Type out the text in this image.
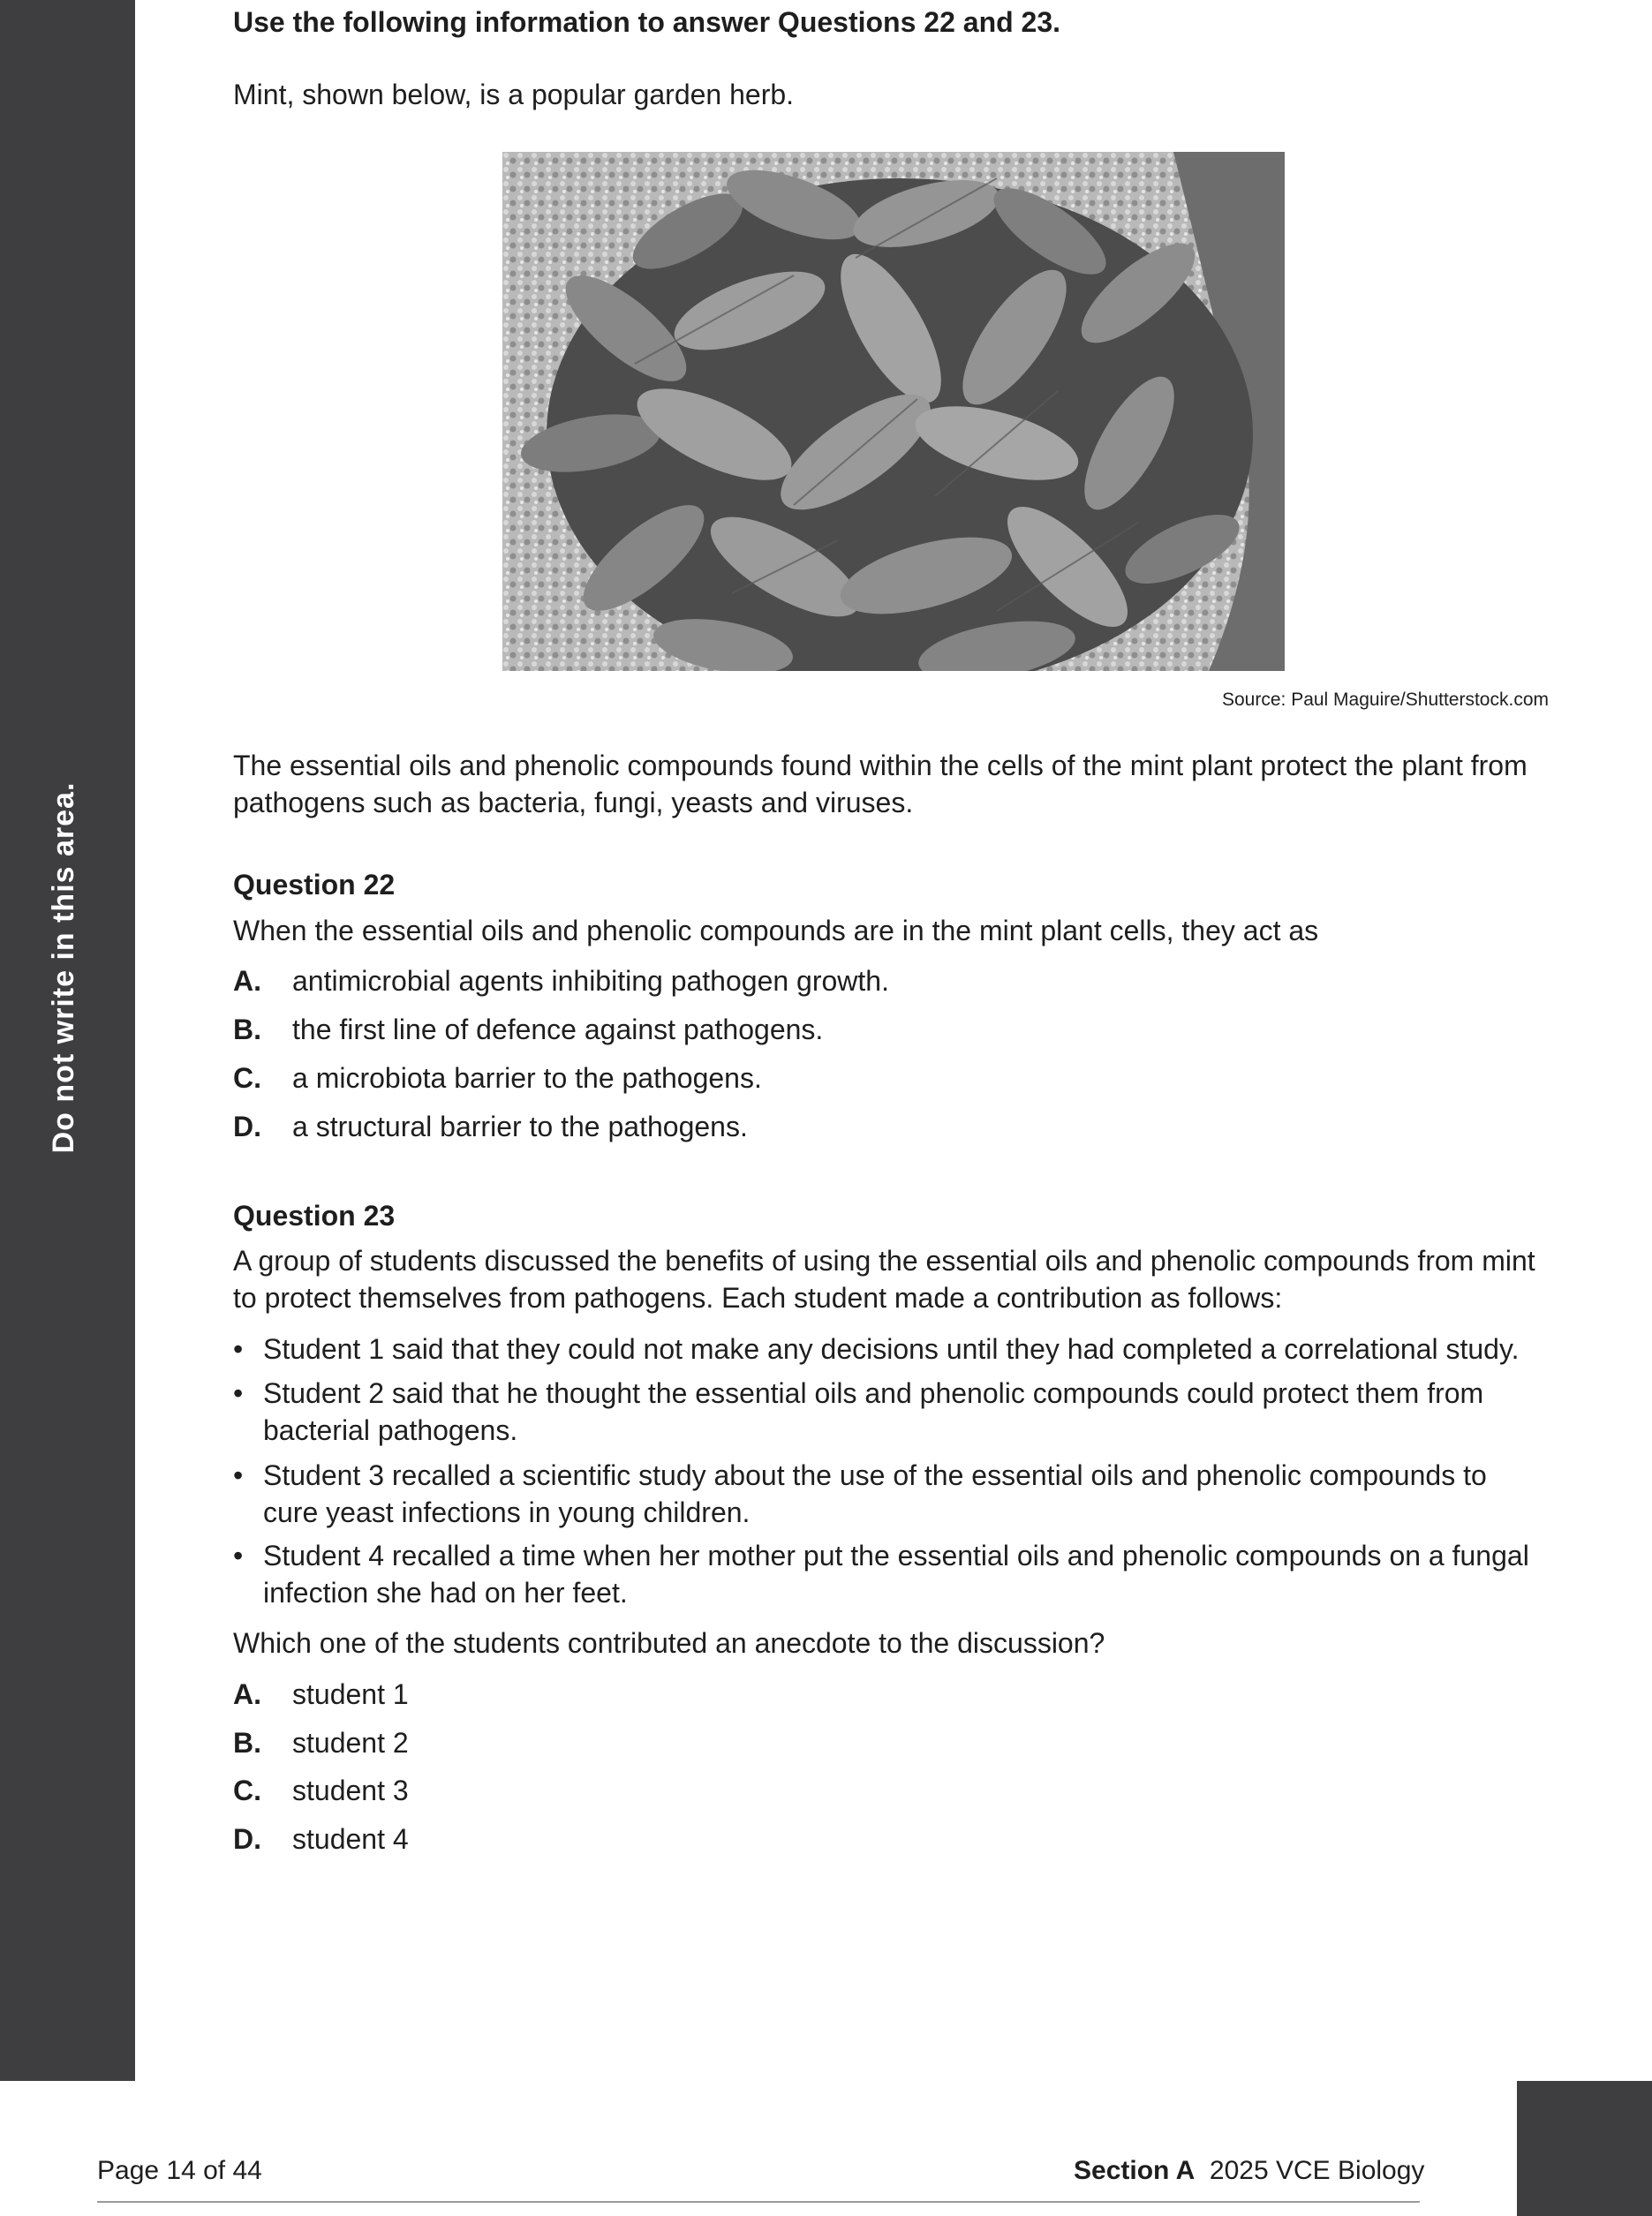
Do not write in this area.

Use the following information to answer Questions 22 and 23.

Mint, shown below, is a popular garden herb.

Source: Paul Maguire/Shutterstock.com

The essential oils and phenolic compounds found within the cells of the mint plant protect the plant from pathogens such as bacteria, fungi, yeasts and viruses.

Question 22

When the essential oils and phenolic compounds are in the mint plant cells, they act as

A. antimicrobial agents inhibiting pathogen growth.
B. the first line of defence against pathogens.
C. a microbiota barrier to the pathogens.
D. a structural barrier to the pathogens.

Question 23

A group of students discussed the benefits of using the essential oils and phenolic compounds from mint to protect themselves from pathogens. Each student made a contribution as follows:

• Student 1 said that they could not make any decisions until they had completed a correlational study.
• Student 2 said that he thought the essential oils and phenolic compounds could protect them from bacterial pathogens.
• Student 3 recalled a scientific study about the use of the essential oils and phenolic compounds to cure yeast infections in young children.
• Student 4 recalled a time when her mother put the essential oils and phenolic compounds on a fungal infection she had on her feet.

Which one of the students contributed an anecdote to the discussion?

A. student 1
B. student 2
C. student 3
D. student 4
Page 14 of 44	Section A 2025 VCE Biology
